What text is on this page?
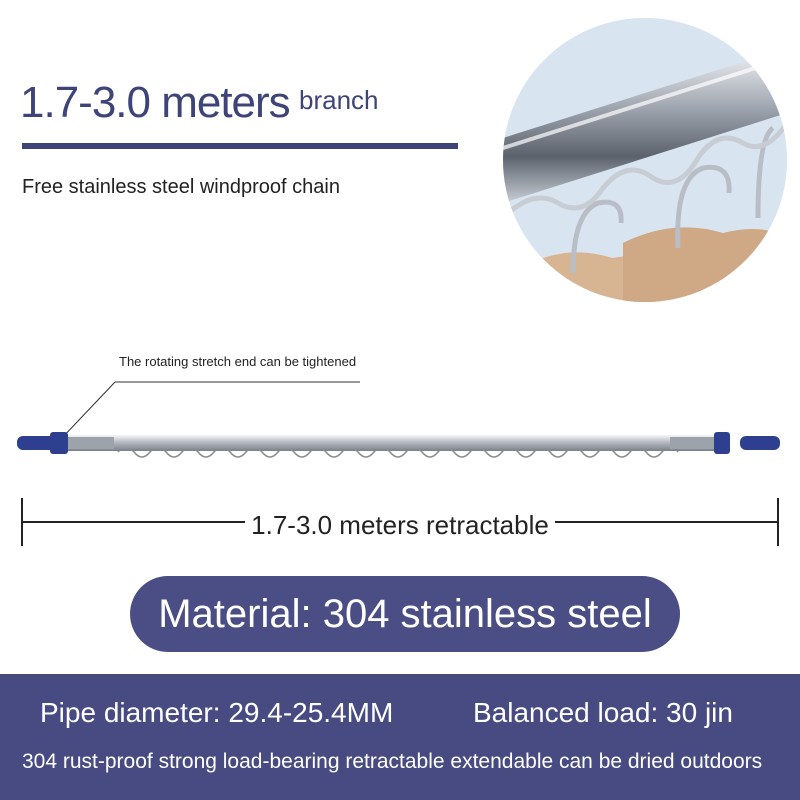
1.7-3.0 meters branch
Free stainless steel windproof chain
The rotating stretch end can be tightened
1.7-3.0 meters retractable
Material: 304 stainless steel
Pipe diameter: 29.4-25.4MM	Balanced load: 30 jin
304 rust-proof strong load-bearing retractable extendable can be dried outdoors
